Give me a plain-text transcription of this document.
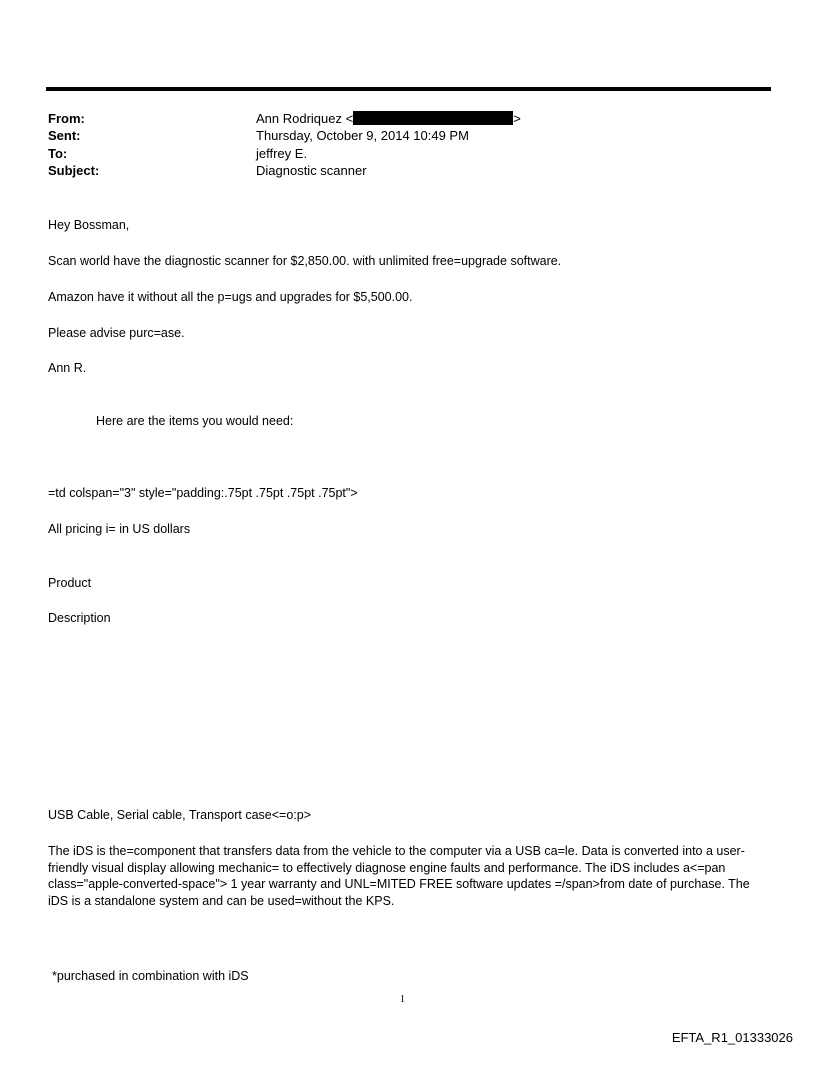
From:	Ann Rodriquez <	>
Sent:	Thursday, October 9, 2014 10:49 PM
To:	jeffrey E.
Subject:	Diagnostic scanner
Hey Bossman,
Scan world have the diagnostic scanner for $2,850.00. with unlimited free=upgrade software.
Amazon have it without all the p=ugs and upgrades for $5,500.00.
Please advise purc=ase.
Ann R.
Here are the items you would need:
=td colspan="3" style="padding:.75pt .75pt .75pt .75pt">
All pricing i= in US dollars
Product
Description
USB Cable, Serial cable, Transport case<=o:p>
The iDS is the=component that transfers data from the vehicle to the computer via a USB ca=le. Data is converted into a user-friendly visual display allowing mechanic= to effectively diagnose engine faults and performance. The iDS includes a<=pan class="apple-converted-space"> 1 year warranty and UNL=MITED FREE software updates =/span>from date of purchase. The iDS is a standalone system and can be used=without the KPS.
*purchased in combination with iDS
1
EFTA_R1_01333026
